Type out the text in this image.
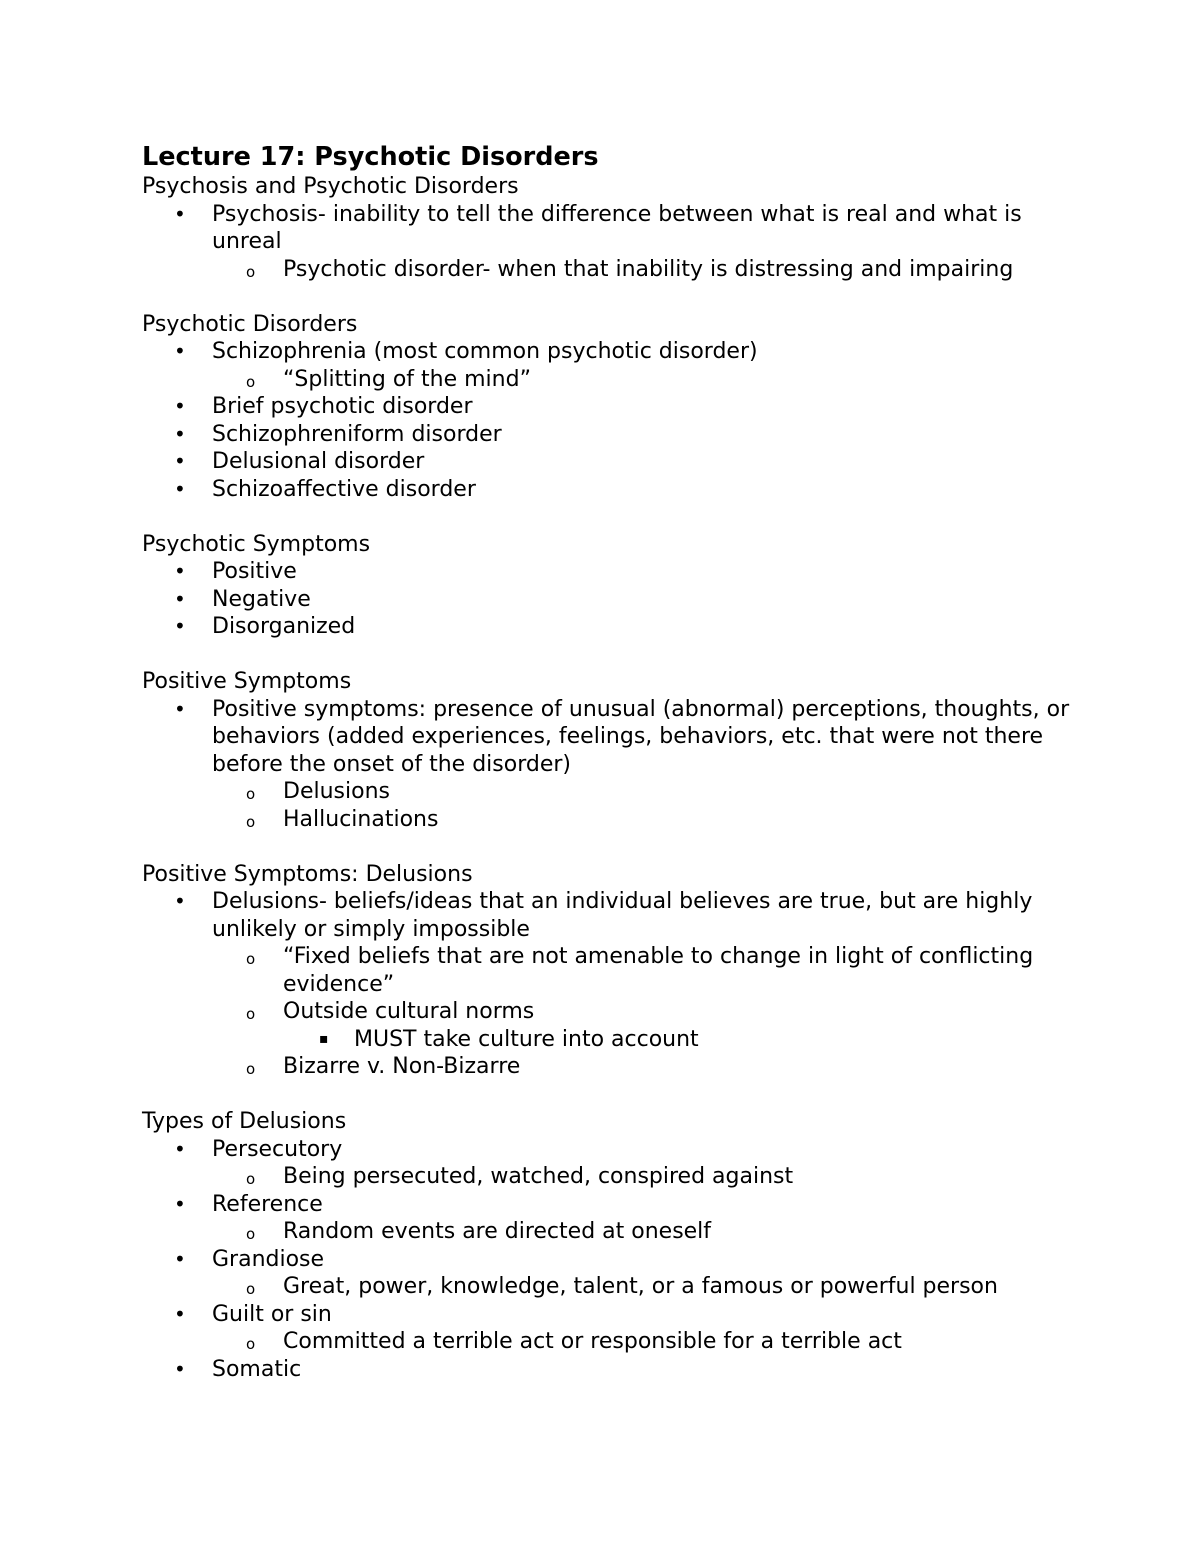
Lecture 17: Psychotic Disorders

Psychosis and Psychotic Disorders

• Psychosis- inability to tell the difference between what is real and what is unreal
o Psychotic disorder- when that inability is distressing and impairing

Psychotic Disorders

• Schizophrenia (most common psychotic disorder)
o “Splitting of the mind”
• Brief psychotic disorder
• Schizophreniform disorder
• Delusional disorder
• Schizoaffective disorder

Psychotic Symptoms

• Positive
• Negative
• Disorganized

Positive Symptoms

• Positive symptoms: presence of unusual (abnormal) perceptions, thoughts, or behaviors (added experiences, feelings, behaviors, etc. that were not there before the onset of the disorder)
o Delusions
o Hallucinations

Positive Symptoms: Delusions

• Delusions- beliefs/ideas that an individual believes are true, but are highly unlikely or simply impossible
o “Fixed beliefs that are not amenable to change in light of conflicting evidence”
o Outside cultural norms
▪ MUST take culture into account
o Bizarre v. Non-Bizarre

Types of Delusions

• Persecutory
o Being persecuted, watched, conspired against
• Reference
o Random events are directed at oneself
• Grandiose
o Great, power, knowledge, talent, or a famous or powerful person
• Guilt or sin
o Committed a terrible act or responsible for a terrible act
• Somatic
